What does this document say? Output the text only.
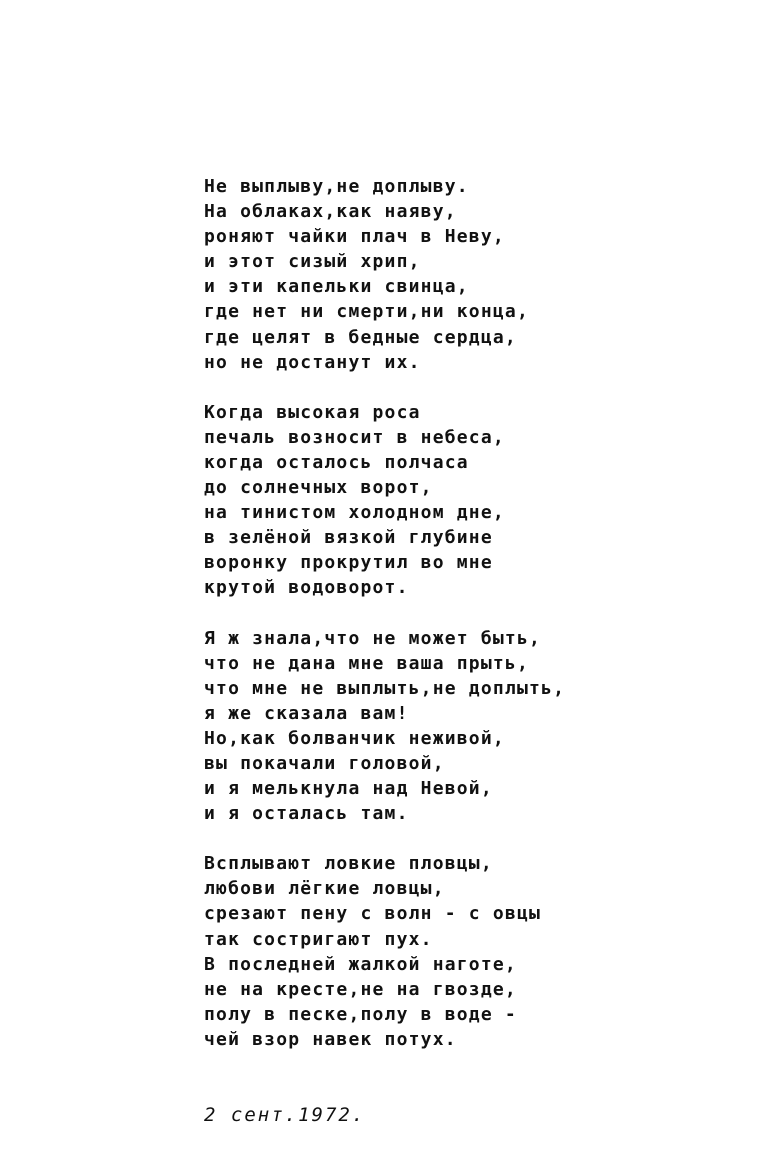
Не выплыву,не доплыву.
На облаках,как наяву,
роняют чайки плач в Неву,
и этот сизый хрип,
и эти капельки свинца,
где нет ни смерти,ни конца,
где целят в бедные сердца,
но не достанут их.
Когда высокая роса
печаль возносит в небеса,
когда осталось полчаса
до солнечных ворот,
на тинистом холодном дне,
в зелёной вязкой глубине
воронку прокрутил во мне
крутой водоворот.
Я ж знала,что не может быть,
что не дана мне ваша прыть,
что мне не выплыть,не доплыть,
я же сказала вам!
Но,как болванчик неживой,
вы покачали головой,
и я мелькнула над Невой,
и я осталась там.
Всплывают ловкие пловцы,
любови лёгкие ловцы,
срезают пену с волн - с овцы
так состригают пух.
В последней жалкой наготе,
не на кресте,не на гвозде,
полу в песке,полу в воде -
чей взор навек потух.
2 сент.1972.
